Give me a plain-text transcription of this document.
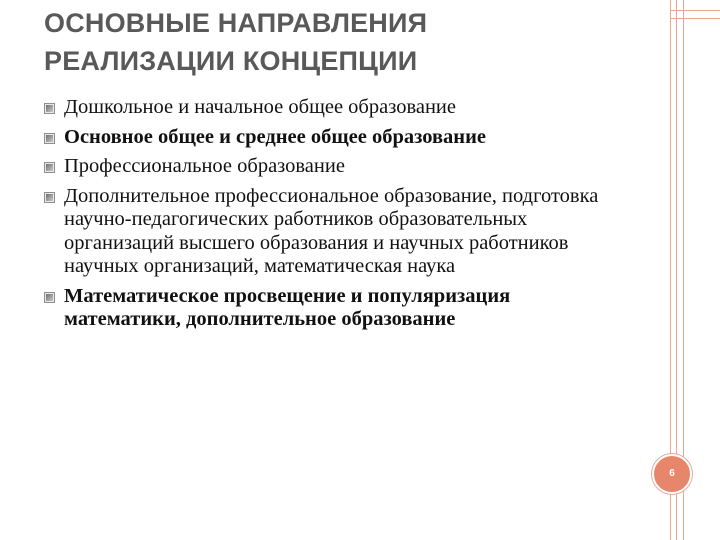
ОСНОВНЫЕ НАПРАВЛЕНИЯ
РЕАЛИЗАЦИИ КОНЦЕПЦИИ
Дошкольное и начальное общее образование
Основное общее и среднее общее образование
Профессиональное образование
Дополнительное профессиональное образование, подготовка научно-педагогических работников образовательных организаций высшего образования и научных работников научных организаций, математическая наука
Математическое просвещение и популяризация математики, дополнительное образование
6
